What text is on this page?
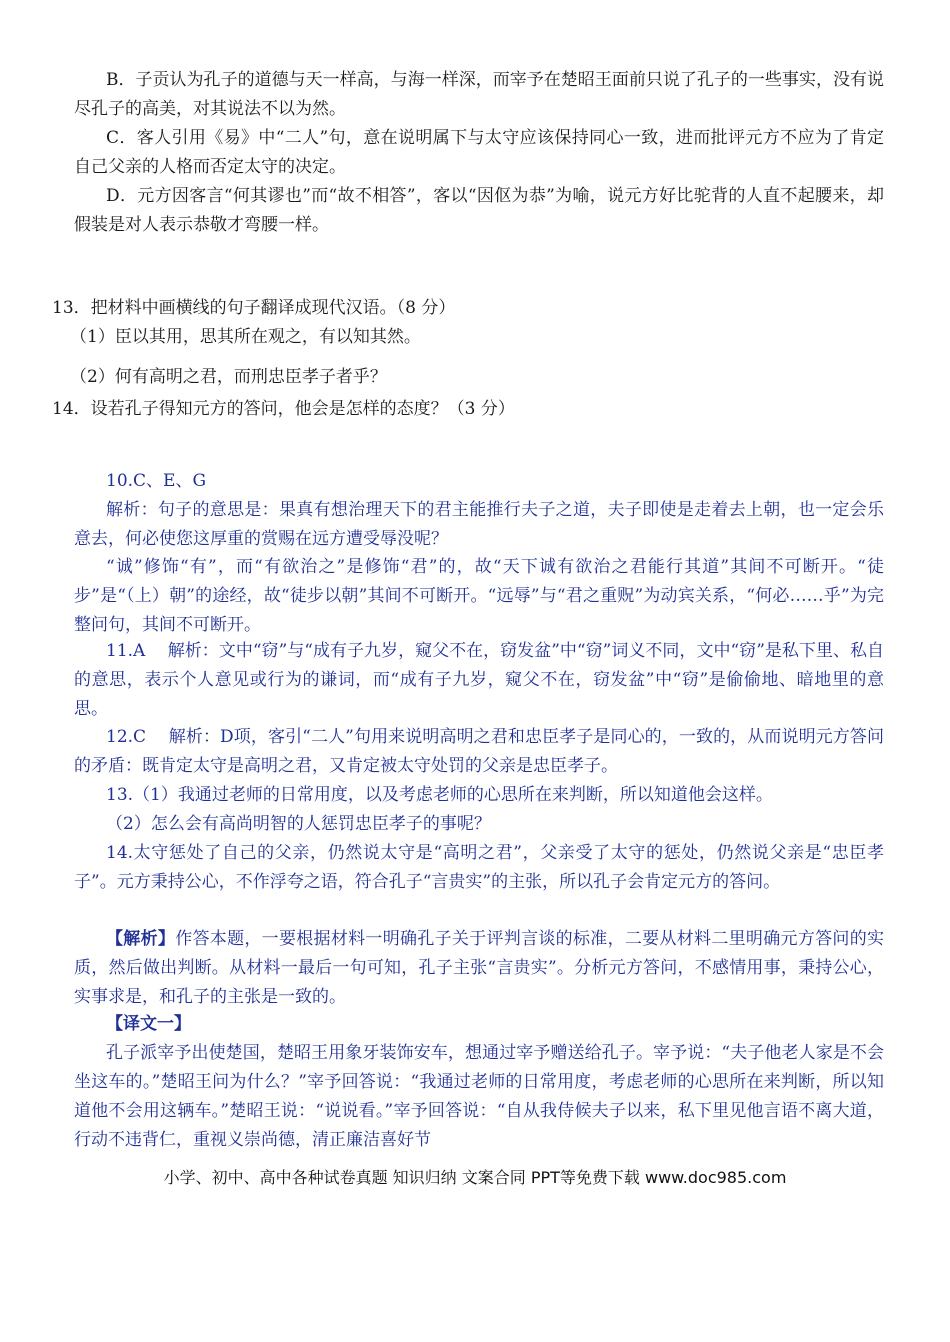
B．子贡认为孔子的道德与天一样高，与海一样深，而宰予在楚昭王面前只说了孔子的一些事实，没有说尽孔子的高美，对其说法不以为然。

C．客人引用《易》中“二人”句，意在说明属下与太守应该保持同心一致，进而批评元方不应为了肯定自己父亲的人格而否定太守的决定。

D．元方因客言“何其谬也”而“故不相答”，客以“因伛为恭”为喻，说元方好比驼背的人直不起腰来，却假装是对人表示恭敬才弯腰一样。

13．把材料中画横线的句子翻译成现代汉语。（8 分）

（1）臣以其用，思其所在观之，有以知其然。

（2）何有高明之君，而刑忠臣孝子者乎？

14．设若孔子得知元方的答问，他会是怎样的态度？（3 分）

10.C、E、G

解析：句子的意思是：果真有想治理天下的君主能推行夫子之道，夫子即使是走着去上朝，也一定会乐意去，何必使您这厚重的赏赐在远方遭受辱没呢？

“诚”修饰“有”，而“有欲治之”是修饰“君”的，故“天下诚有欲治之君能行其道”其间不可断开。“徒步”是“（上）朝”的途经，故“徒步以朝”其间不可断开。“远辱”与“君之重贶”为动宾关系，“何必……乎”为完整问句，其间不可断开。

11.A　 解析：文中“窃”与“成有子九岁，窥父不在，窃发盆”中“窃”词义不同，文中“窃”是私下里、私自的意思，表示个人意见或行为的谦词，而“成有子九岁，窥父不在，窃发盆”中“窃”是偷偷地、暗地里的意思。

12.C　 解析：D项，客引“二人”句用来说明高明之君和忠臣孝子是同心的，一致的，从而说明元方答问的矛盾：既肯定太守是高明之君，又肯定被太守处罚的父亲是忠臣孝子。

13.（1）我通过老师的日常用度，以及考虑老师的心思所在来判断，所以知道他会这样。

（2）怎么会有高尚明智的人惩罚忠臣孝子的事呢？

14.太守惩处了自己的父亲，仍然说太守是“高明之君”，父亲受了太守的惩处，仍然说父亲是“忠臣孝子”。元方秉持公心，不作浮夸之语，符合孔子“言贵实”的主张，所以孔子会肯定元方的答问。

【解析】作答本题，一要根据材料一明确孔子关于评判言谈的标准，二要从材料二里明确元方答问的实质，然后做出判断。从材料一最后一句可知，孔子主张“言贵实”。分析元方答问，不感情用事，秉持公心，实事求是，和孔子的主张是一致的。

【译文一】

孔子派宰予出使楚国，楚昭王用象牙装饰安车，想通过宰予赠送给孔子。宰予说：“夫子他老人家是不会坐这车的。”楚昭王问为什么？”宰予回答说：“我通过老师的日常用度，考虑老师的心思所在来判断，所以知道他不会用这辆车。”楚昭王说：“说说看。”宰予回答说：“自从我侍候夫子以来，私下里见他言语不离大道，行动不违背仁，重视义崇尚德，清正廉洁喜好节

小学、初中、高中各种试卷真题 知识归纳 文案合同 PPT等免费下载 www.doc985.com
